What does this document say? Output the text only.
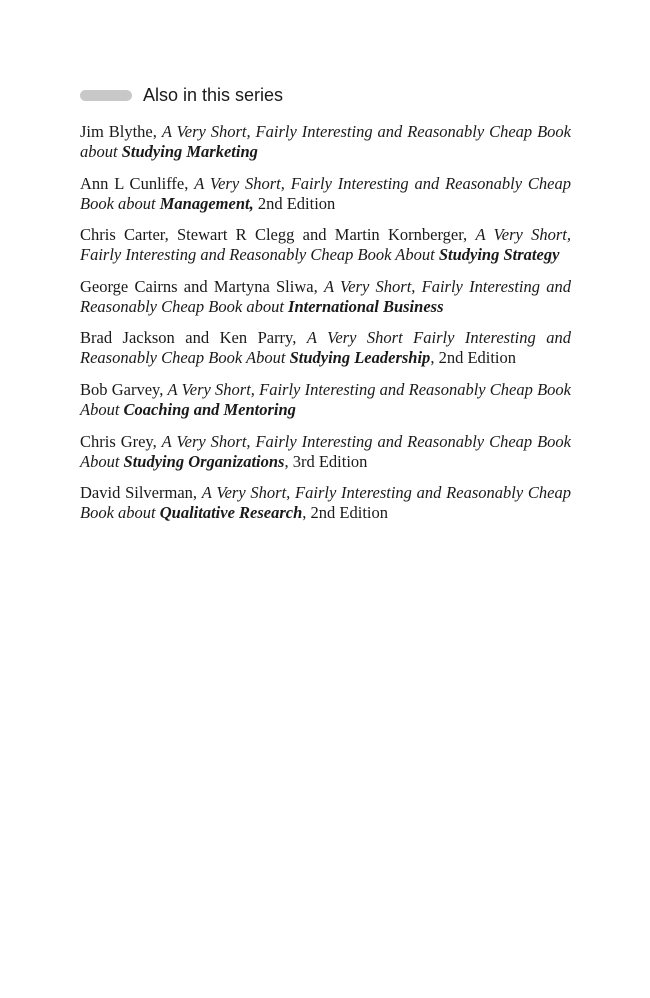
Also in this series

Jim Blythe, A Very Short, Fairly Interesting and Reasonably Cheap Book about Studying Marketing

Ann L Cunliffe, A Very Short, Fairly Interesting and Reasonably Cheap Book about Management, 2nd Edition

Chris Carter, Stewart R Clegg and Martin Kornberger, A Very Short, Fairly Interesting and Reasonably Cheap Book About Studying Strategy

George Cairns and Martyna Sliwa, A Very Short, Fairly Interesting and Reasonably Cheap Book about International Business

Brad Jackson and Ken Parry, A Very Short Fairly Interesting and Reasonably Cheap Book About Studying Leadership, 2nd Edition

Bob Garvey, A Very Short, Fairly Interesting and Reasonably Cheap Book About Coaching and Mentoring

Chris Grey, A Very Short, Fairly Interesting and Reasonably Cheap Book About Studying Organizations, 3rd Edition

David Silverman, A Very Short, Fairly Interesting and Reasonably Cheap Book about Qualitative Research, 2nd Edition
